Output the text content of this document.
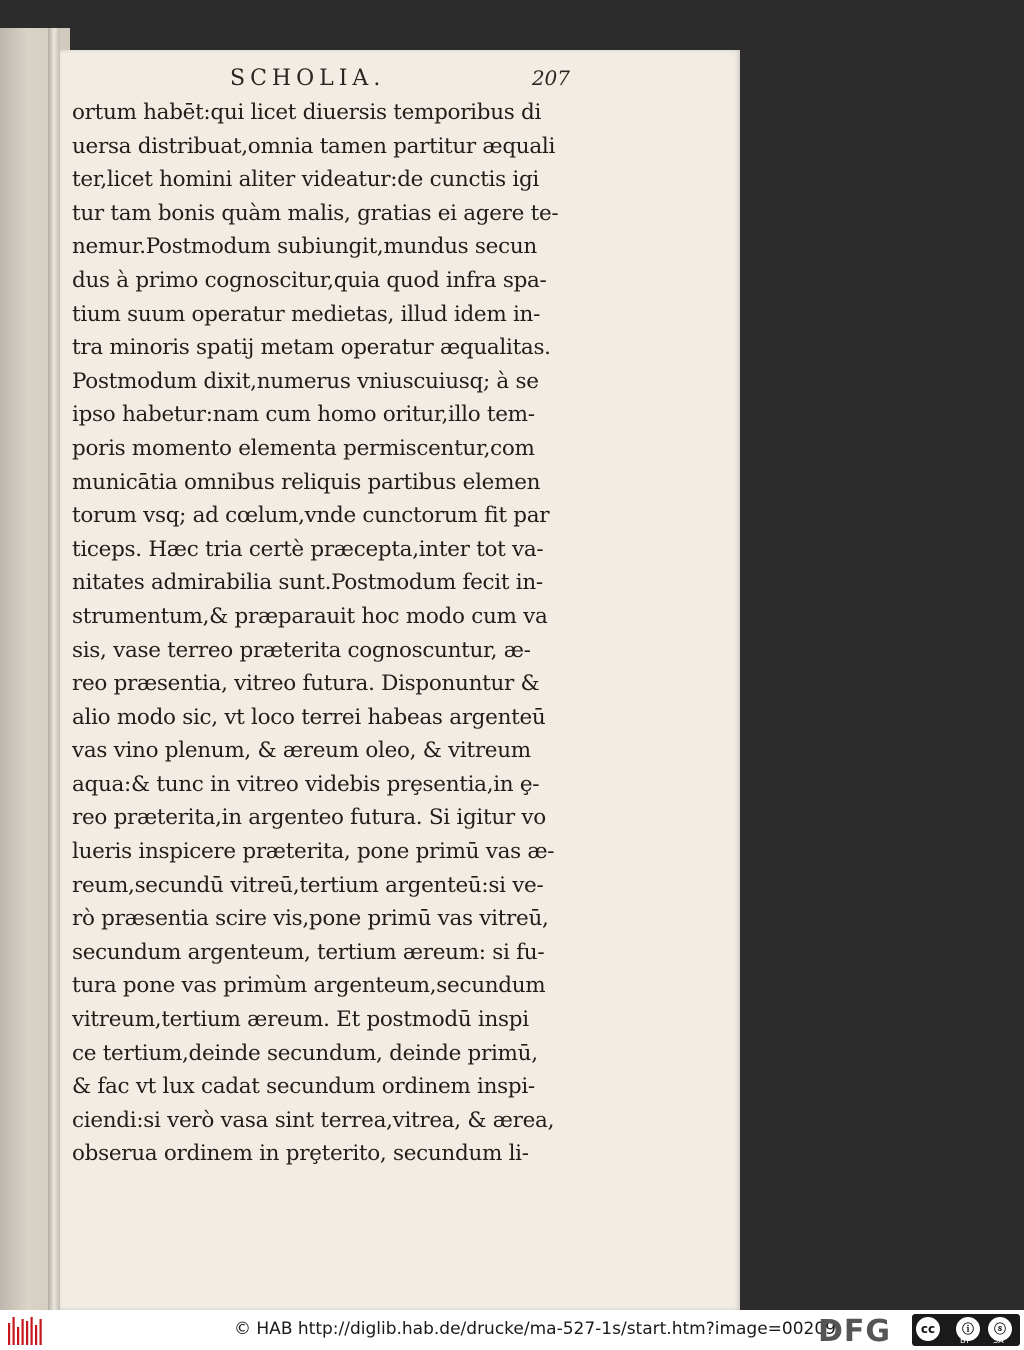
SCHOLIA.	207
ortum habēt:qui licet diuersis temporibus di
uersa distribuat,omnia tamen partitur æquali
ter,licet homini aliter videatur:de cunctis igi
tur tam bonis quàm malis, gratias ei agere te-
nemur.Postmodum subiungit,mundus secun
dus à primo cognoscitur,quia quod infra spa-
tium suum operatur medietas, illud idem in-
tra minoris spatij metam operatur æqualitas.
Postmodum dixit,numerus vniuscuiusq; à se
ipso habetur:nam cum homo oritur,illo tem-
poris momento elementa permiscentur,com
municātia omnibus reliquis partibus elemen
torum vsq; ad cœlum,vnde cunctorum fit par
ticeps. Hæc tria certè præcepta,inter tot va-
nitates admirabilia sunt.Postmodum fecit in-
strumentum,& præparauit hoc modo cum va
sis, vase terreo præterita cognoscuntur, æ-
reo præsentia, vitreo futura. Disponuntur &
alio modo sic, vt loco terrei habeas argenteū
vas vino plenum, & æreum oleo, & vitreum
aqua:& tunc in vitreo videbis prȩsentia,in ȩ-
reo præterita,in argenteo futura. Si igitur vo
lueris inspicere præterita, pone primū vas æ-
reum,secundū vitreū,tertium argenteū:si ve-
rò præsentia scire vis,pone primū vas vitreū,
secundum argenteum, tertium æreum: si fu-
tura pone vas primùm argenteum,secundum
vitreum,tertium æreum. Et postmodū inspi
ce tertium,deinde secundum, deinde primū,
& fac vt lux cadat secundum ordinem inspi-
ciendi:si verò vasa sint terrea,vitrea, & ærea,
obserua ordinem in prȩterito, secundum li-
© HAB http://diglib.hab.de/drucke/ma-527-1s/start.htm?image=00209
DFG	cc	ⓘ	ⓢ
BY	SA
